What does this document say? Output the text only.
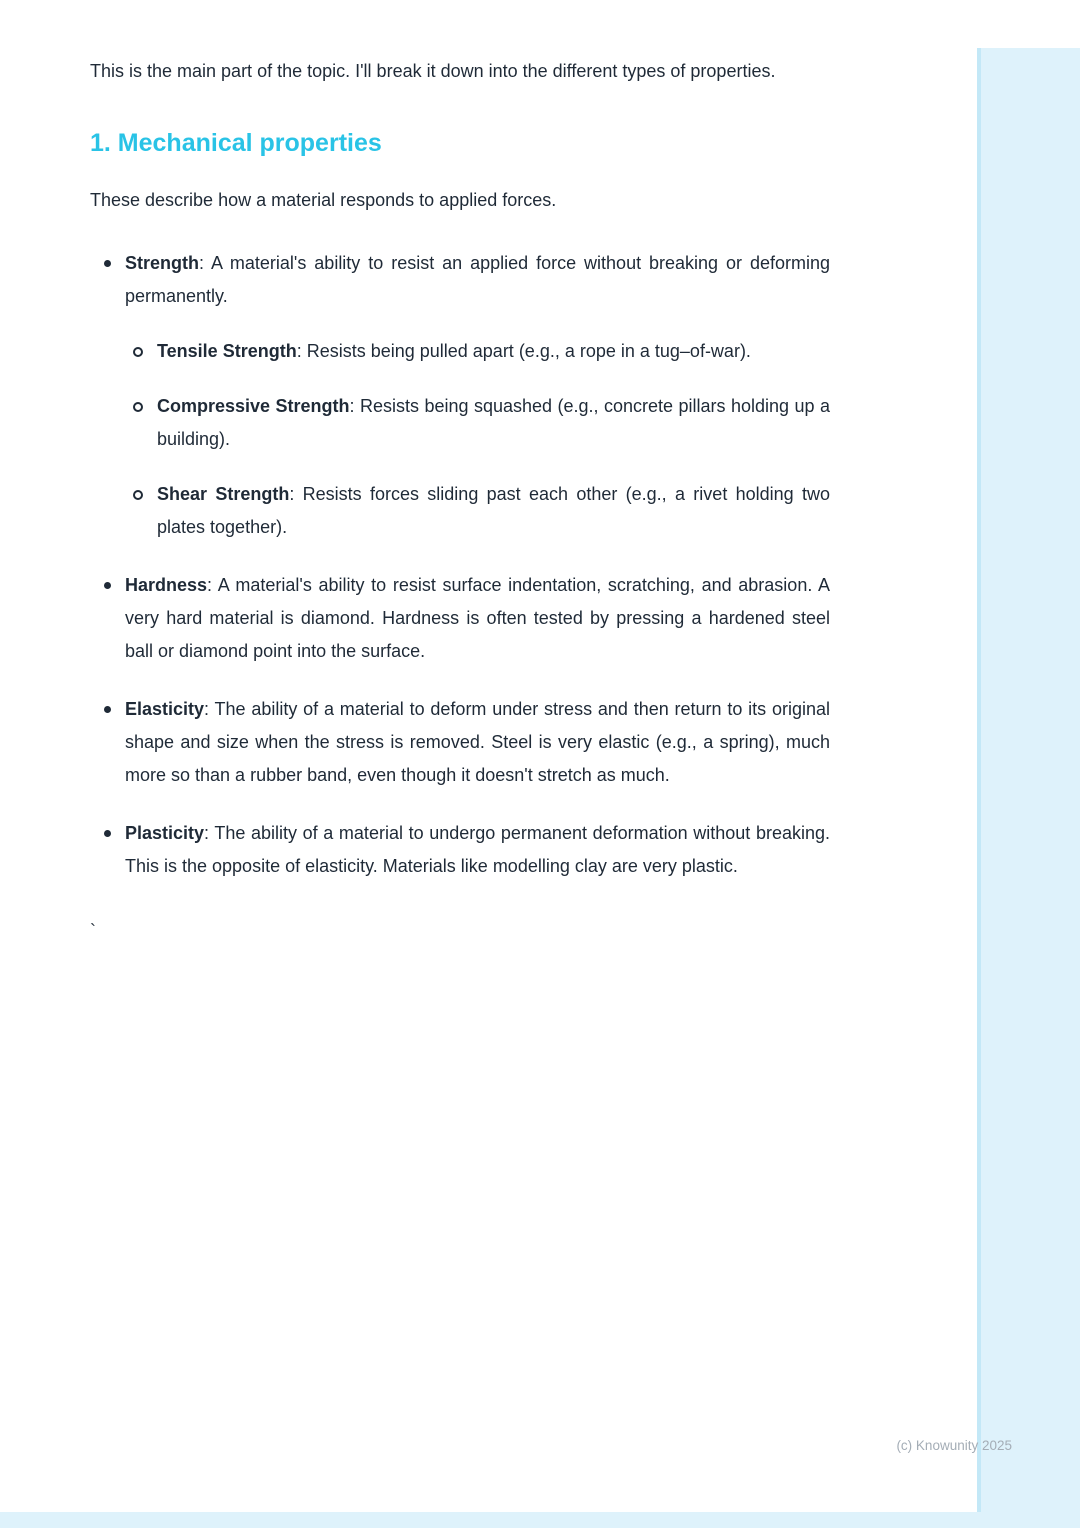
This is the main part of the topic. I'll break it down into the different types of properties.

1. Mechanical properties

These describe how a material responds to applied forces.

Strength: A material's ability to resist an applied force without breaking or deforming permanently.
Tensile Strength: Resists being pulled apart (e.g., a rope in a tug–of-war).
Compressive Strength: Resists being squashed (e.g., concrete pillars holding up a building).
Shear Strength: Resists forces sliding past each other (e.g., a rivet holding two plates together).
Hardness: A material's ability to resist surface indentation, scratching, and abrasion. A very hard material is diamond. Hardness is often tested by pressing a hardened steel ball or diamond point into the surface.
Elasticity: The ability of a material to deform under stress and then return to its original shape and size when the stress is removed. Steel is very elastic (e.g., a spring), much more so than a rubber band, even though it doesn't stretch as much.
Plasticity: The ability of a material to undergo permanent deformation without breaking. This is the opposite of elasticity. Materials like modelling clay are very plastic.
`
(c) Knowunity 2025
